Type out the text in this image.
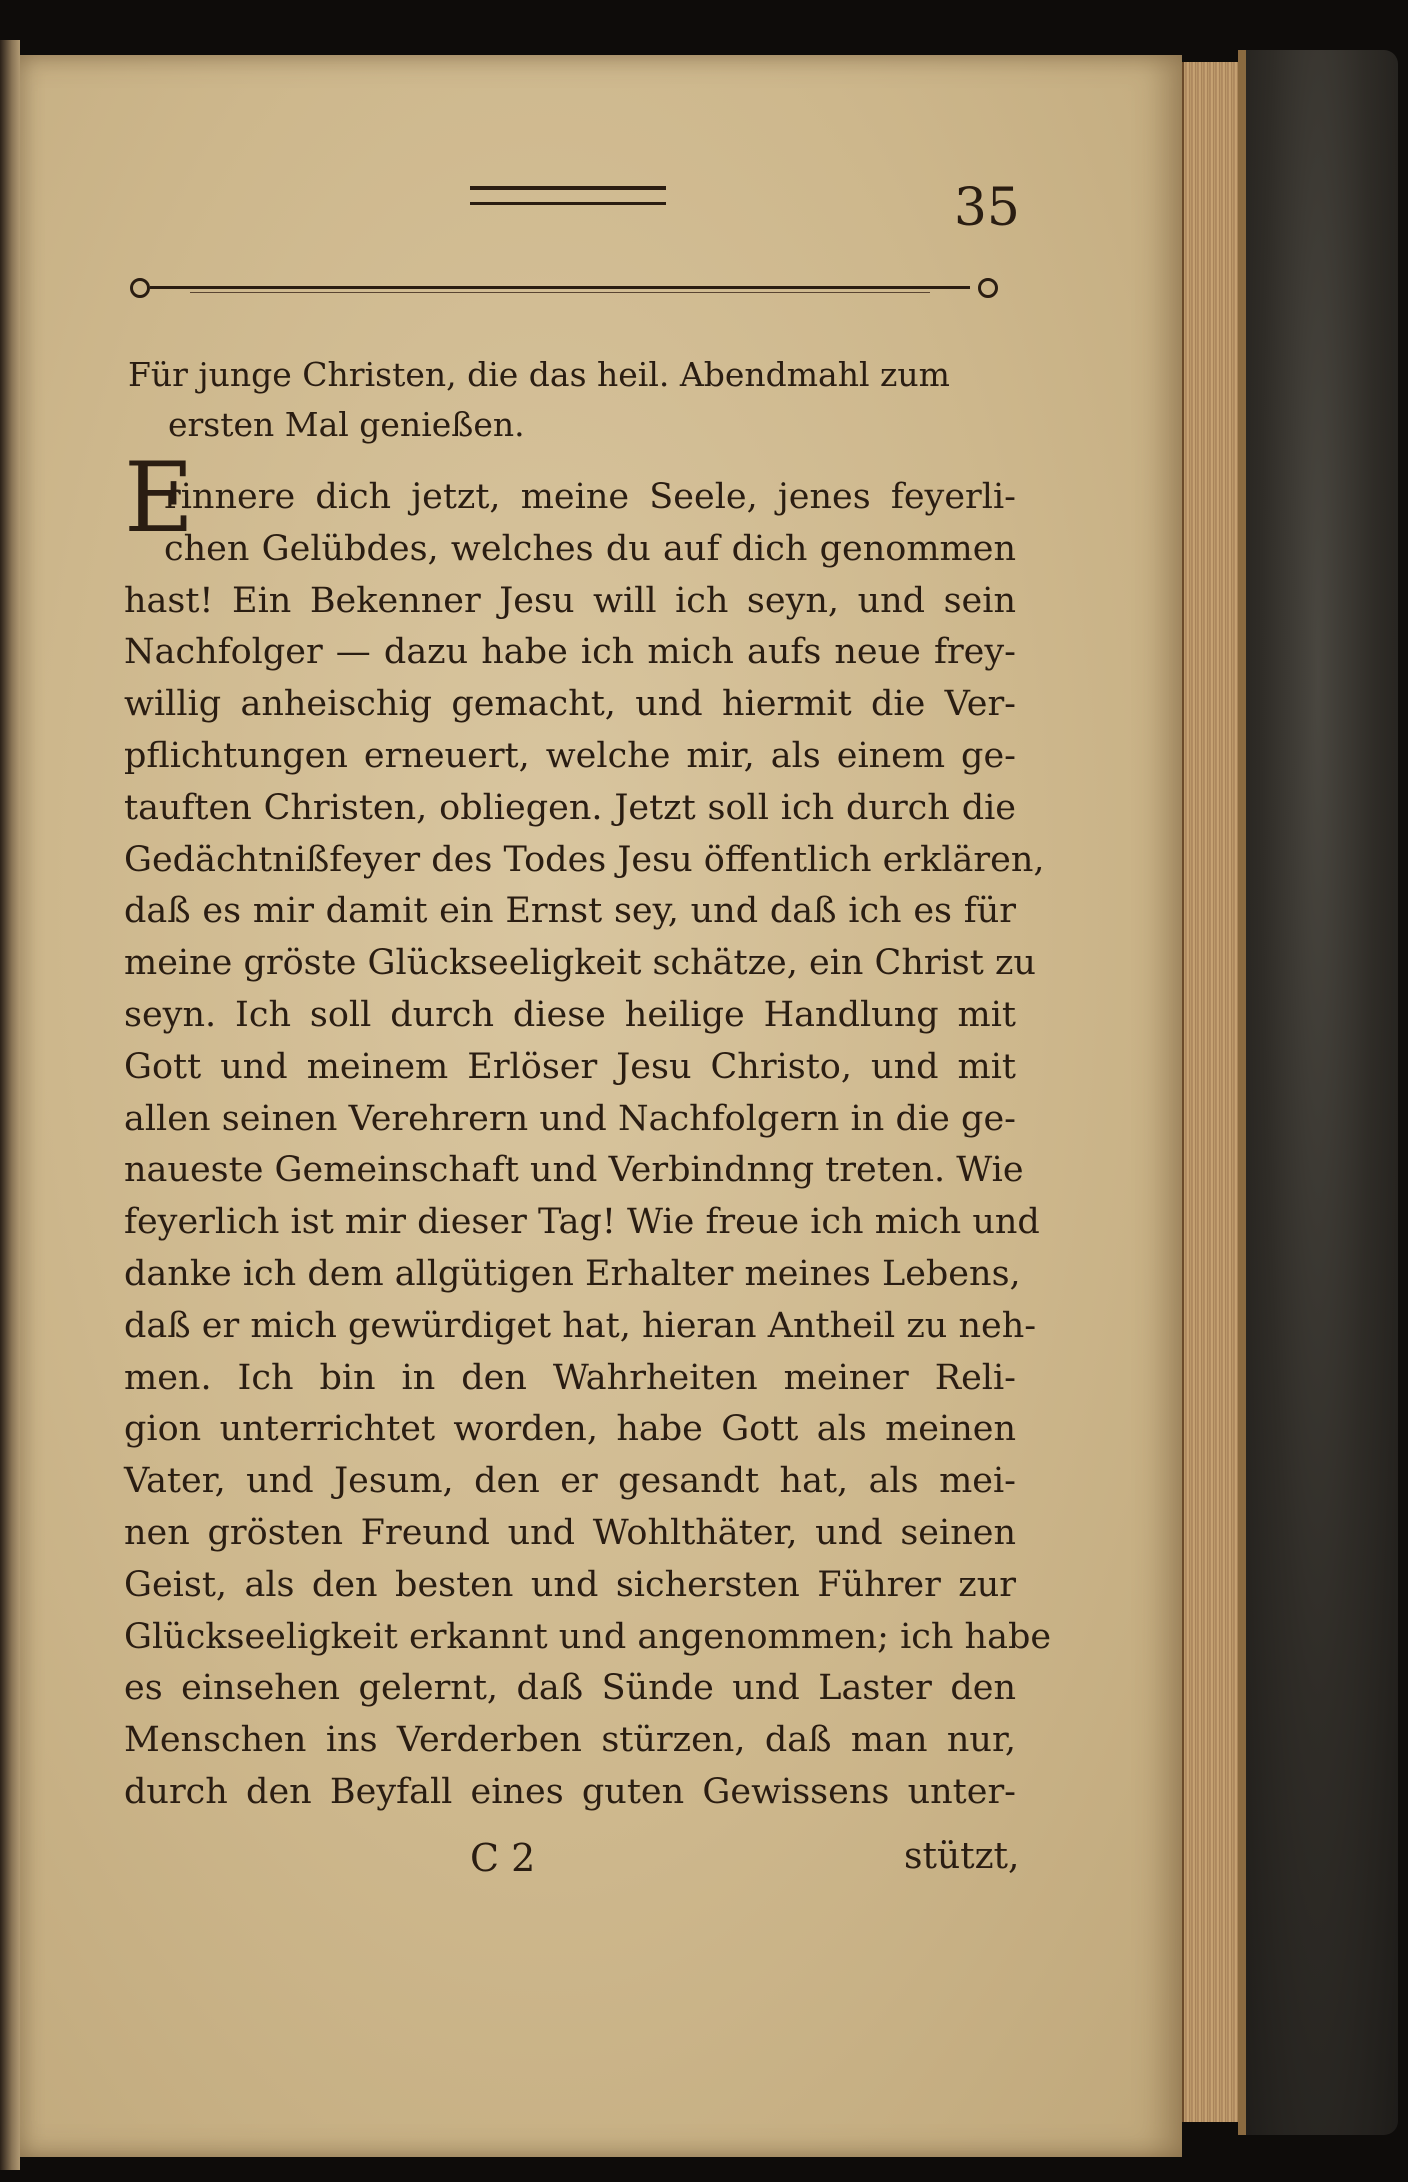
35
Für junge Christen, die das heil. Abendmahl zum
ersten Mal genießen.
E
rinnere dich jetzt, meine Seele, jenes feyerli-
chen Gelübdes, welches du auf dich genommen
hast! Ein Bekenner Jesu will ich seyn, und sein
Nachfolger — dazu habe ich mich aufs neue frey-
willig anheischig gemacht, und hiermit die Ver-
pflichtungen erneuert, welche mir, als einem ge-
tauften Christen, obliegen. Jetzt soll ich durch die
Gedächtnißfeyer des Todes Jesu öffentlich erklären,
daß es mir damit ein Ernst sey, und daß ich es für
meine gröste Glückseeligkeit schätze, ein Christ zu
seyn. Ich soll durch diese heilige Handlung mit
Gott und meinem Erlöser Jesu Christo, und mit
allen seinen Verehrern und Nachfolgern in die ge-
naueste Gemeinschaft und Verbindnng treten. Wie
feyerlich ist mir dieser Tag! Wie freue ich mich und
danke ich dem allgütigen Erhalter meines Lebens,
daß er mich gewürdiget hat, hieran Antheil zu neh-
men. Ich bin in den Wahrheiten meiner Reli-
gion unterrichtet worden, habe Gott als meinen
Vater, und Jesum, den er gesandt hat, als mei-
nen grösten Freund und Wohlthäter, und seinen
Geist, als den besten und sichersten Führer zur
Glückseeligkeit erkannt und angenommen; ich habe
es einsehen gelernt, daß Sünde und Laster den
Menschen ins Verderben stürzen, daß man nur,
durch den Beyfall eines guten Gewissens unter-
C 2	stützt,
